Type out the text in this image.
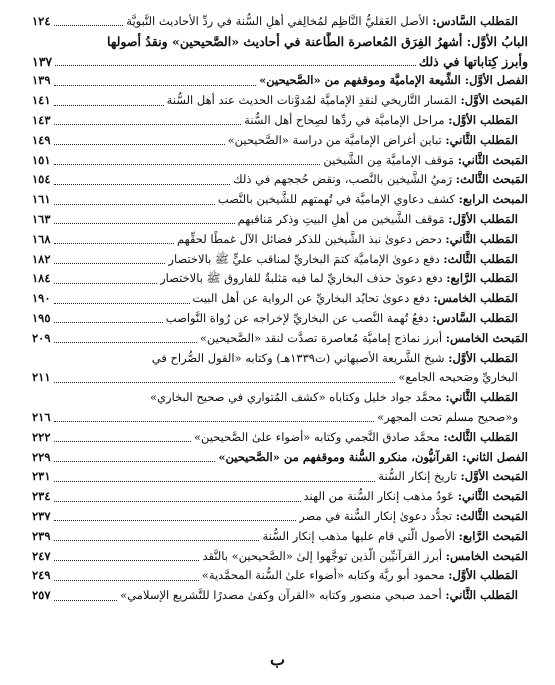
المَطلب السَّادس: الأصل العَقليُّ النَّاظِم لمُخالِفي أهلِ السُّنة في ردِّ الأحاديث النَّبويَّة
١٢٤
البابُ الأوَّل: أشهرُ الفِرَق المُعاصرة الطَّاعنة في أحاديث «الصَّحيحين» ونقدُ أصولها
وأبرز كِتاباتها في ذلك
١٣٧
الفصل الأوَّل: الشِّيعة الإماميَّة وموقفهم من «الصَّحيحين»
١٣٩
المَبحث الأوَّل: المَسار التَّاريخي لنقدِ الإماميَّة لمُدوَّنات الحديث عند أهل السُّنة
١٤١
المَطلب الأوَّل: مراحل الإماميَّة في ردِّها لصِحاح أهل السُّنة
١٤٣
المَطلب الثَّاني: تباين أغراض الإماميَّة من دراسة «الصَّحيحين»
١٤٩
المَبحث الثَّاني: مَوقف الإماميَّة مِن الشَّيخين
١٥١
المَبحث الثَّالث: رَميُ الشَّيخين بالنَّصب، ونقض حُججهم في ذلك
١٥٤
المبحث الرابع: كشف دعاوي الإماميَّة في تُهمتهم للشَّيخين بالنَّصب
١٦١
المَطلب الأوَّل: مَوقف الشَّيخين من أهلِ البيتِ وذكر مَناقبهم
١٦٣
المَطلب الثَّاني: دحض دعوىٰ نبذ الشَّيخين للذكر فضائل الآل غمطًا لحقِّهم
١٦٨
المَطلب الثَّالث: دفع دعوىٰ الإماميَّة كتمَ البخاريِّ لمناقب عليٍّ ﷺ بالاختصار
١٨٢
المَطلب الرَّابع: دفع دعوىٰ حذف البخاريِّ لما فيه مَثلبةٌ للفاروق ﷺ بالاختصار
١٨٤
المَطلب الخامس: دفع دعوىٰ تحايُد البخاريِّ عن الرواية عن أهل البيت
١٩٠
المَطلب السَّادس: دفعُ تُهمة النَّصب عن البخاريِّ لإخراجه عن رُواة النَّواصب
١٩٥
المَبحث الخامس: أبرز نماذج إماميَّة مُعاصرة تصدَّت لنقد «الصَّحيحين»
٢٠٩
المَطلب الأوَّل: شيخ الشَّريعة الأصبهاني (ت١٣٣٩هـ) وكتابه «القول الصُّراح في
البخاريِّ وصَحيحه الجامع»
٢١١
المَطلب الثَّاني: محمَّد جواد خليل وكتاباه «كشف المُتواري في صحيح البخاري»
و«صحيح مسلم تحت المجهر»
٢١٦
المَطلب الثَّالث: محمَّد صادق النَّجمي وكتابه «أضواء علىٰ الصَّحيحين»
٢٢٢
الفصل الثاني: القرآنيُّون، منكرو السُّنة وموقفهم من «الصَّحيحين»
٢٢٩
المَبحث الأوَّل: تاريخ إنكار السُّنة
٢٣١
المَبحث الثَّاني: عَودُ مذهب إنكار السُّنة من الهند
٢٣٤
المَبحث الثَّالث: تجدُّد دعوىٰ إنكار السُّنة في مصر
٢٣٧
المَبحث الرَّابع: الأصول الَّتي قام عليها مذهب إنكار السُّنة
٢٣٩
المَبحث الخامس: أبرز القرآنيِّين الَّذين توجَّهوا إلىٰ «الصَّحيحين» بالنَّقد
٢٤٧
المَطلب الأوَّل: محمود أبو ريَّة وكتابه «أضواء علىٰ السُّنة المحمَّدية»
٢٤٩
المَطلب الثَّاني: أحمد صبحي منصور وكتابه «القرآن وكفىٰ مصدرًا للتَّشريع الإسلامي»
٢٥٧
ب
